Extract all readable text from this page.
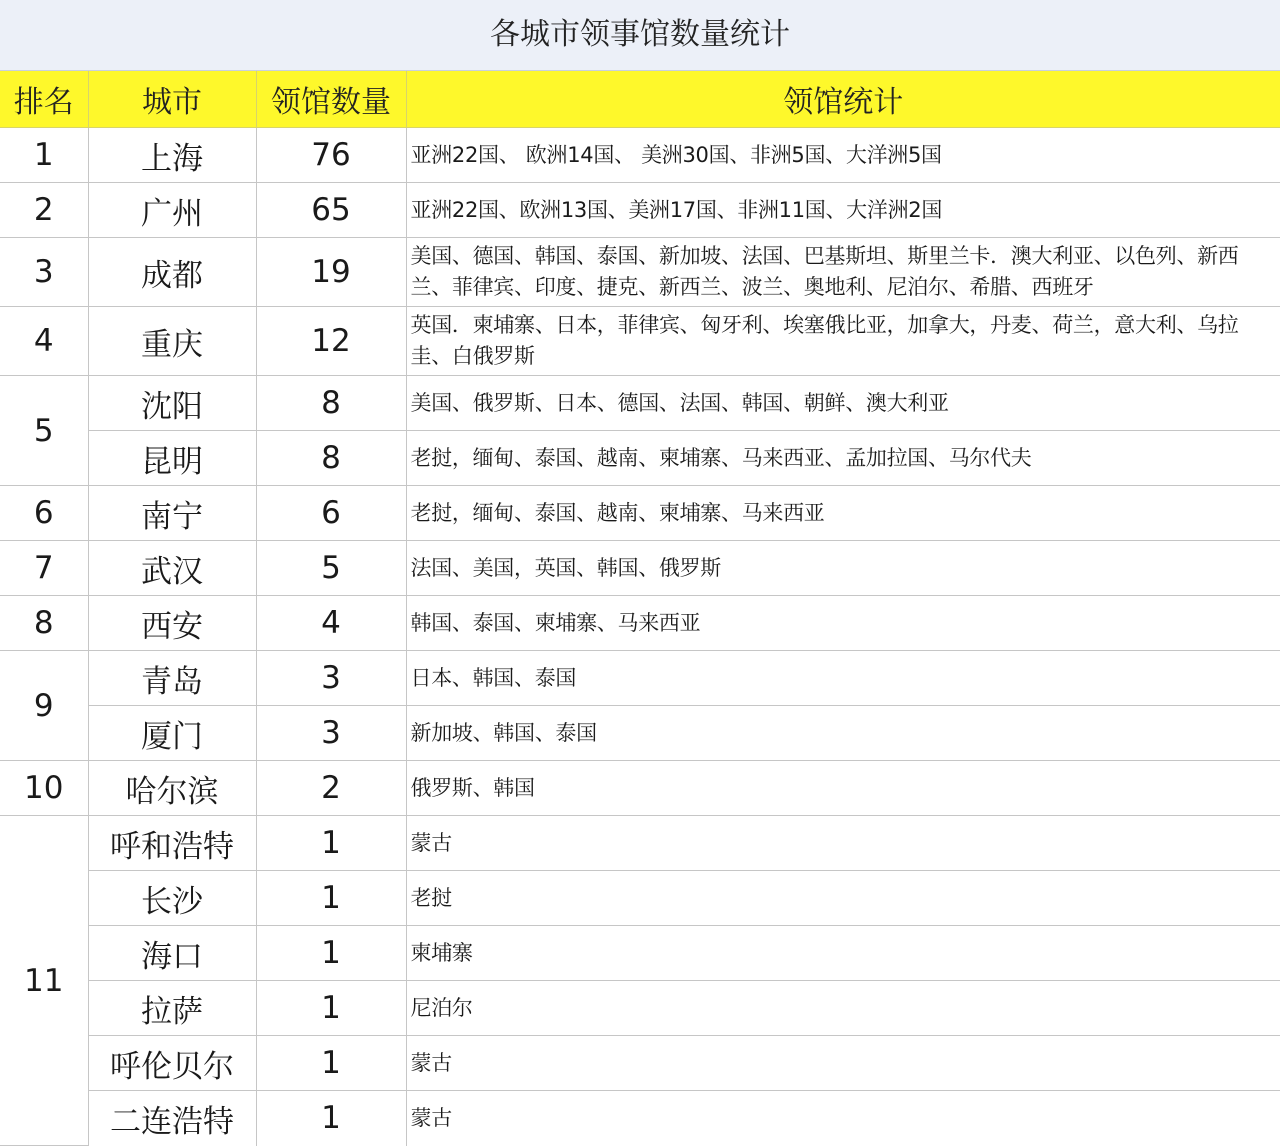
各城市领事馆数量统计
排名	城市	领馆数量	领馆统计
1	上海	76	亚洲22国、 欧洲14国、 美洲30国、非洲5国、大洋洲5国
2	广州	65	亚洲22国、欧洲13国、美洲17国、非洲11国、大洋洲2国
3	成都	19	美国、德国、韩国、泰国、新加坡、法国、巴基斯坦、斯里兰卡．澳大利亚、以色列、新西兰、菲律宾、印度、捷克、新西兰、波兰、奥地利、尼泊尔、希腊、西班牙
4	重庆	12	英国．柬埔寨、日本，菲律宾、匈牙利、埃塞俄比亚，加拿大，丹麦、荷兰，意大利、乌拉圭、白俄罗斯
5	沈阳	8	美国、俄罗斯、日本、德国、法国、韩国、朝鲜、澳大利亚
	昆明	8	老挝，缅甸、泰国、越南、柬埔寨、马来西亚、孟加拉国、马尔代夫
6	南宁	6	老挝，缅甸、泰国、越南、柬埔寨、马来西亚
7	武汉	5	法国、美国，英国、韩国、俄罗斯
8	西安	4	韩国、泰国、柬埔寨、马来西亚
9	青岛	3	日本、韩国、泰国
	厦门	3	新加坡、韩国、泰国
10	哈尔滨	2	俄罗斯、韩国
11	呼和浩特	1	蒙古
	长沙	1	老挝
	海口	1	柬埔寨
	拉萨	1	尼泊尔
	呼伦贝尔	1	蒙古
	二连浩特	1	蒙古
